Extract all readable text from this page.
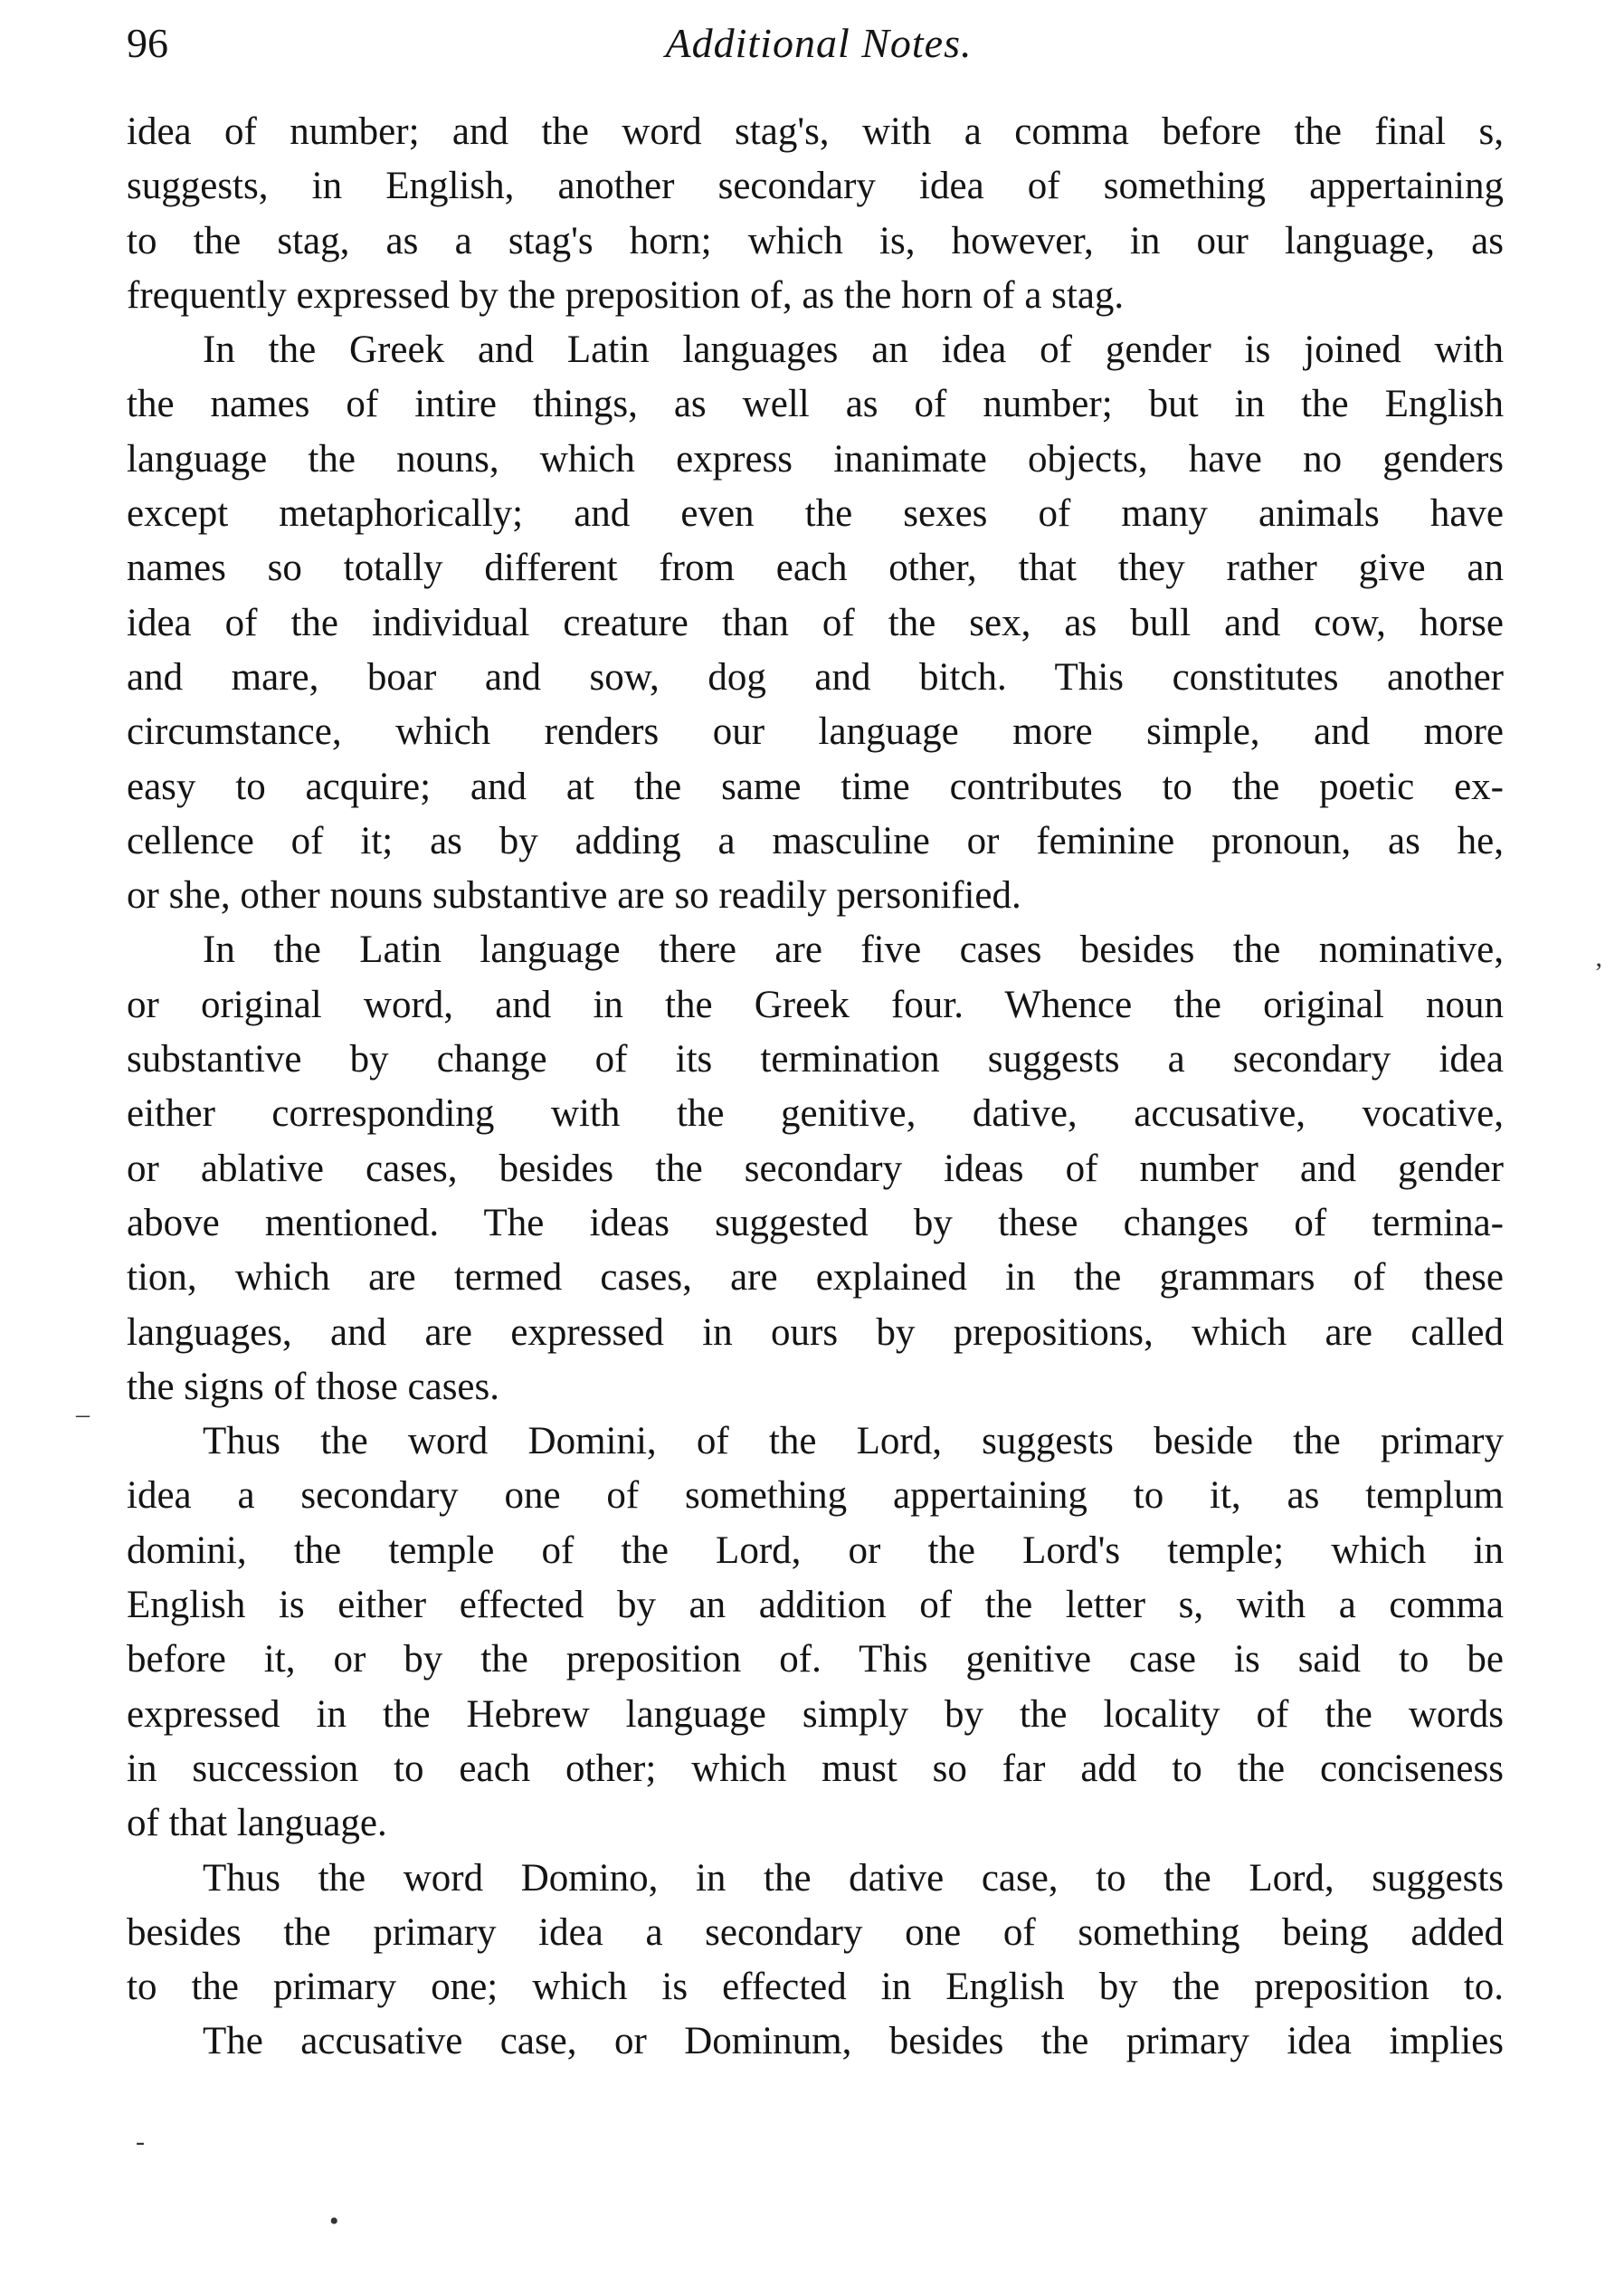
96	Additional Notes.
idea of number; and the word stag's, with a comma before the final s,
suggests, in English, another secondary idea of something appertaining
to the stag, as a stag's horn; which is, however, in our language, as
frequently expressed by the preposition of, as the horn of a stag.
In the Greek and Latin languages an idea of gender is joined with
the names of intire things, as well as of number; but in the English
language the nouns, which express inanimate objects, have no genders
except metaphorically; and even the sexes of many animals have
names so totally different from each other, that they rather give an
idea of the individual creature than of the sex, as bull and cow, horse
and mare, boar and sow, dog and bitch. This constitutes another
circumstance, which renders our language more simple, and more
easy to acquire; and at the same time contributes to the poetic ex-
cellence of it; as by adding a masculine or feminine pronoun, as he,
or she, other nouns substantive are so readily personified.
In the Latin language there are five cases besides the nominative,
or original word, and in the Greek four. Whence the original noun
substantive by change of its termination suggests a secondary idea
either corresponding with the genitive, dative, accusative, vocative,
or ablative cases, besides the secondary ideas of number and gender
above mentioned. The ideas suggested by these changes of termina-
tion, which are termed cases, are explained in the grammars of these
languages, and are expressed in ours by prepositions, which are called
the signs of those cases.
Thus the word Domini, of the Lord, suggests beside the primary
idea a secondary one of something appertaining to it, as templum
domini, the temple of the Lord, or the Lord's temple; which in
English is either effected by an addition of the letter s, with a comma
before it, or by the preposition of. This genitive case is said to be
expressed in the Hebrew language simply by the locality of the words
in succession to each other; which must so far add to the conciseness
of that language.
Thus the word Domino, in the dative case, to the Lord, suggests
besides the primary idea a secondary one of something being added
to the primary one; which is effected in English by the preposition to.
The accusative case, or Dominum, besides the primary idea implies
–
’
-
•
